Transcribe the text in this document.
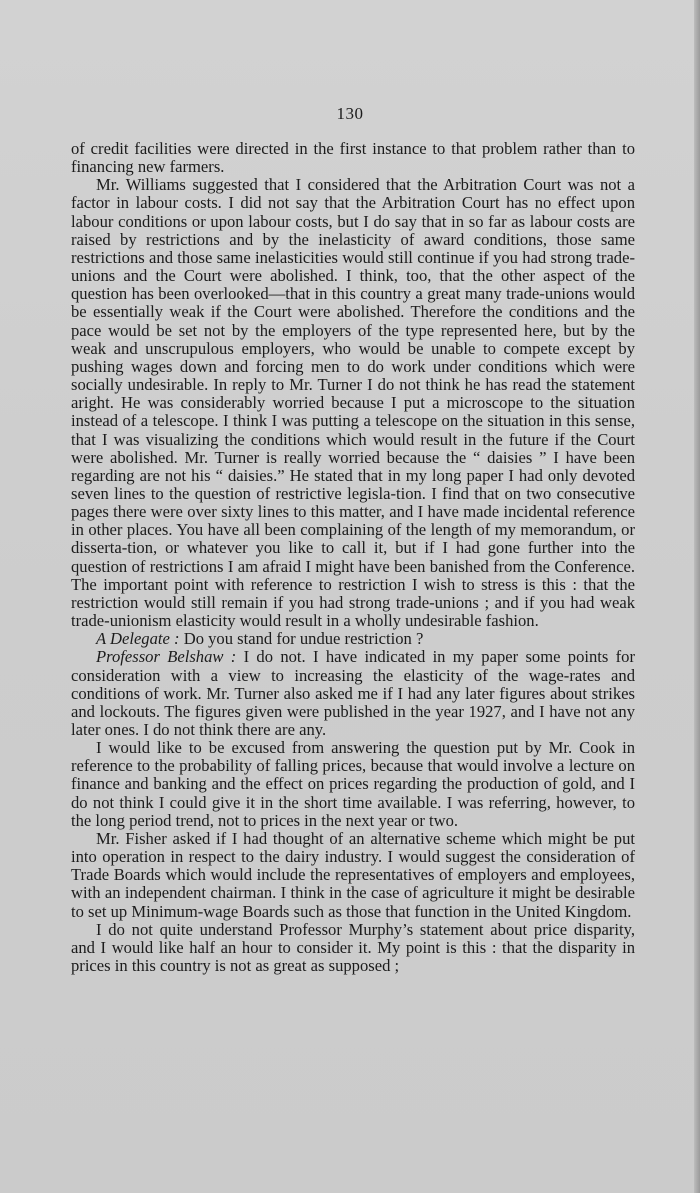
130

of credit facilities were directed in the first instance to that problem rather than to financing new farmers.

Mr. Williams suggested that I considered that the Arbitration Court was not a factor in labour costs. I did not say that the Arbitration Court has no effect upon labour conditions or upon labour costs, but I do say that in so far as labour costs are raised by restrictions and by the inelasticity of award conditions, those same restrictions and those same inelasticities would still continue if you had strong trade-unions and the Court were abolished. I think, too, that the other aspect of the question has been overlooked—that in this country a great many trade-unions would be essentially weak if the Court were abolished. Therefore the conditions and the pace would be set not by the employers of the type represented here, but by the weak and unscrupulous employers, who would be unable to compete except by pushing wages down and forcing men to do work under conditions which were socially undesirable. In reply to Mr. Turner I do not think he has read the statement aright. He was considerably worried because I put a microscope to the situation instead of a telescope. I think I was putting a telescope on the situation in this sense, that I was visualizing the conditions which would result in the future if the Court were abolished. Mr. Turner is really worried because the “ daisies ” I have been regarding are not his “ daisies.” He stated that in my long paper I had only devoted seven lines to the question of restrictive legisla-tion. I find that on two consecutive pages there were over sixty lines to this matter, and I have made incidental reference in other places. You have all been complaining of the length of my memorandum, or disserta-tion, or whatever you like to call it, but if I had gone further into the question of restrictions I am afraid I might have been banished from the Conference. The important point with reference to restriction I wish to stress is this : that the restriction would still remain if you had strong trade-unions ; and if you had weak trade-unionism elasticity would result in a wholly undesirable fashion.

A Delegate : Do you stand for undue restriction ?

Professor Belshaw : I do not. I have indicated in my paper some points for consideration with a view to increasing the elasticity of the wage-rates and conditions of work. Mr. Turner also asked me if I had any later figures about strikes and lockouts. The figures given were published in the year 1927, and I have not any later ones. I do not think there are any.

I would like to be excused from answering the question put by Mr. Cook in reference to the probability of falling prices, because that would involve a lecture on finance and banking and the effect on prices regarding the production of gold, and I do not think I could give it in the short time available. I was referring, however, to the long period trend, not to prices in the next year or two.

Mr. Fisher asked if I had thought of an alternative scheme which might be put into operation in respect to the dairy industry. I would suggest the consideration of Trade Boards which would include the representatives of employers and employees, with an independent chairman. I think in the case of agriculture it might be desirable to set up Minimum-wage Boards such as those that function in the United Kingdom.

I do not quite understand Professor Murphy’s statement about price disparity, and I would like half an hour to consider it. My point is this : that the disparity in prices in this country is not as great as supposed ;
